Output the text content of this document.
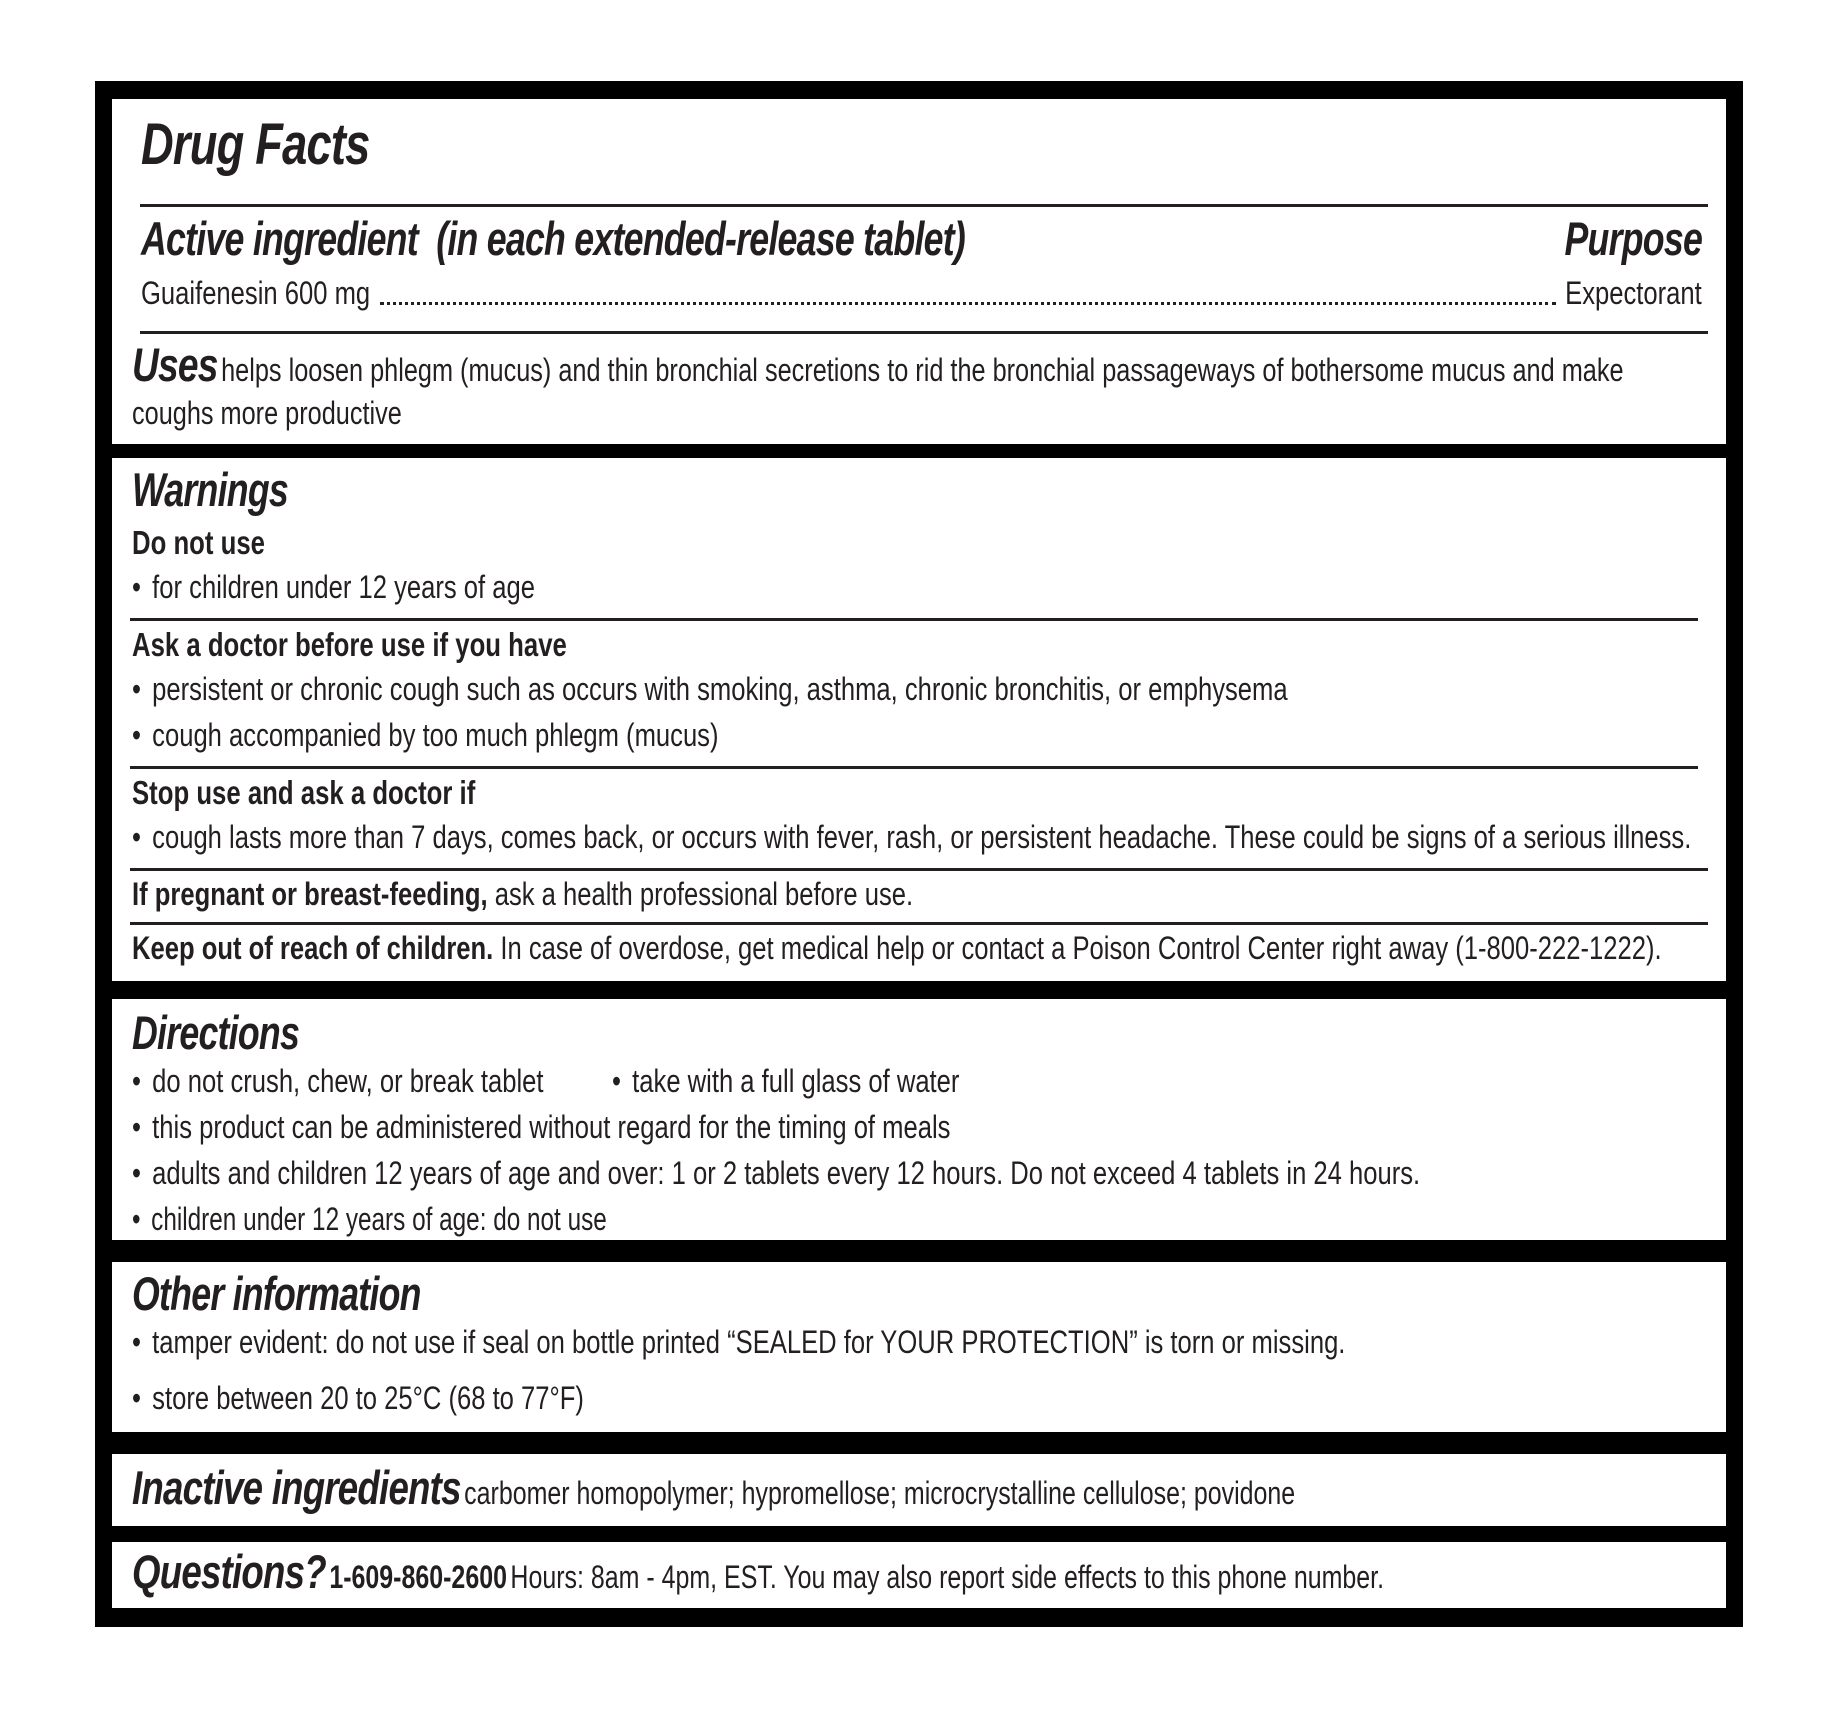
Drug Facts
Active ingredient (in each extended-release tablet)	Purpose
Guaifenesin 600 mg	Expectorant
Uses helps loosen phlegm (mucus) and thin bronchial secretions to rid the bronchial passageways of bothersome mucus and make
coughs more productive
Warnings
Do not use
• for children under 12 years of age
Ask a doctor before use if you have
• persistent or chronic cough such as occurs with smoking, asthma, chronic bronchitis, or emphysema
• cough accompanied by too much phlegm (mucus)
Stop use and ask a doctor if
• cough lasts more than 7 days, comes back, or occurs with fever, rash, or persistent headache. These could be signs of a serious illness.
If pregnant or breast-feeding, ask a health professional before use.
Keep out of reach of children. In case of overdose, get medical help or contact a Poison Control Center right away (1-800-222-1222).
Directions
• do not crush, chew, or break tablet	• take with a full glass of water
• this product can be administered without regard for the timing of meals
• adults and children 12 years of age and over: 1 or 2 tablets every 12 hours. Do not exceed 4 tablets in 24 hours.
• children under 12 years of age: do not use
Other information
• tamper evident: do not use if seal on bottle printed “SEALED for YOUR PROTECTION” is torn or missing.
• store between 20 to 25°C (68 to 77°F)
Inactive ingredients carbomer homopolymer; hypromellose; microcrystalline cellulose; povidone
Questions? 1-609-860-2600 Hours: 8am - 4pm, EST. You may also report side effects to this phone number.
